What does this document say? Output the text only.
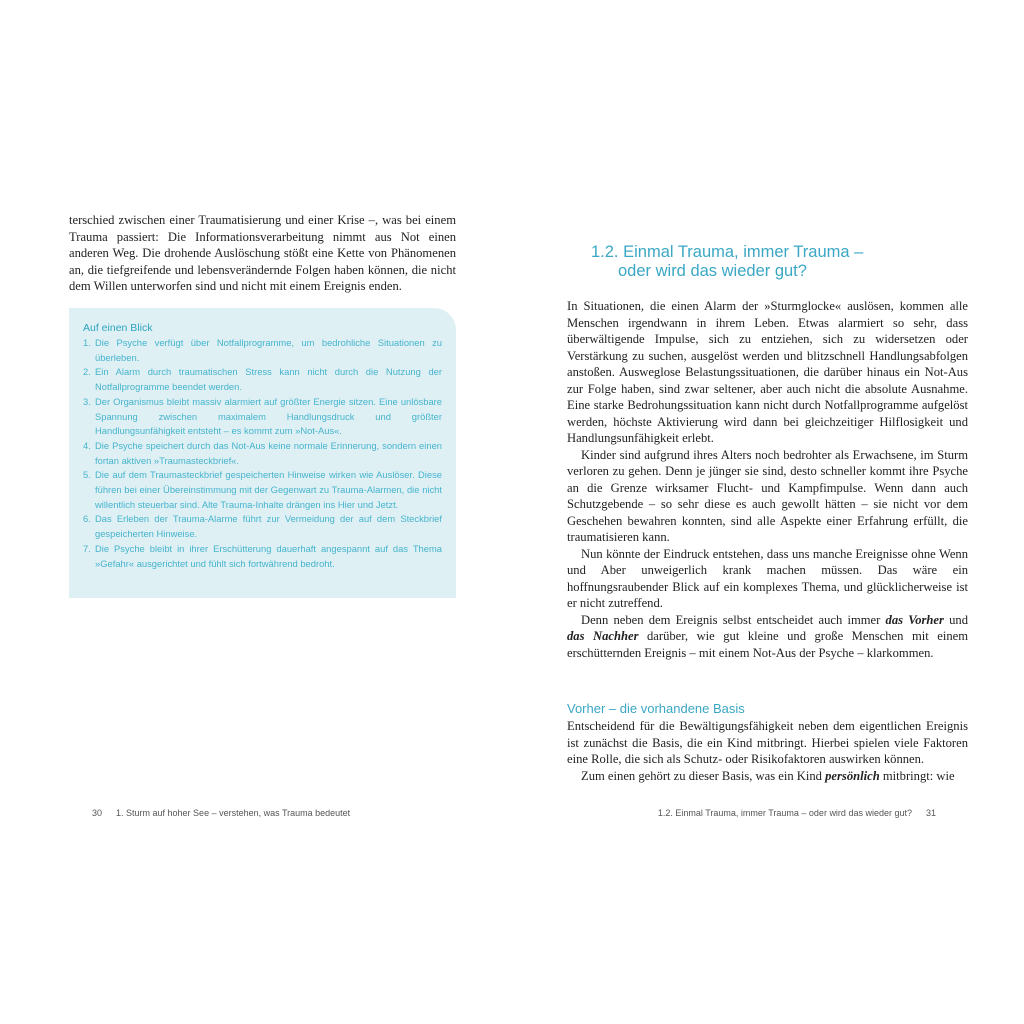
terschied zwischen einer Traumatisierung und einer Krise –, was bei einem Trauma passiert: Die Informationsverarbeitung nimmt aus Not einen anderen Weg. Die drohende Auslöschung stößt eine Kette von Phänomenen an, die tiefgreifende und lebensverändernde Folgen haben können, die nicht dem Willen unterworfen sind und nicht mit einem Ereignis enden.

Auf einen Blick

1. Die Psyche verfügt über Notfallprogramme, um bedrohliche Situationen zu überleben.
2. Ein Alarm durch traumatischen Stress kann nicht durch die Nutzung der Notfallprogramme beendet werden.
3. Der Organismus bleibt massiv alarmiert auf größter Energie sitzen. Eine unlösbare Spannung zwischen maximalem Handlungsdruck und größter Handlungsunfähigkeit entsteht – es kommt zum »Not-Aus«.
4. Die Psyche speichert durch das Not-Aus keine normale Erinnerung, sondern einen fortan aktiven »Traumasteckbrief«.
5. Die auf dem Traumasteckbrief gespeicherten Hinweise wirken wie Auslöser. Diese führen bei einer Übereinstimmung mit der Gegenwart zu Trauma-Alarmen, die nicht willentlich steuerbar sind. Alte Trauma-Inhalte drängen ins Hier und Jetzt.
6. Das Erleben der Trauma-Alarme führt zur Vermeidung der auf dem Steckbrief gespeicherten Hinweise.
7. Die Psyche bleibt in ihrer Erschütterung dauerhaft angespannt auf das Thema »Gefahr« ausgerichtet und fühlt sich fortwährend bedroht.
30 1. Sturm auf hoher See – verstehen, was Trauma bedeutet
1.2. Einmal Trauma, immer Trauma –
oder wird das wieder gut?

In Situationen, die einen Alarm der »Sturmglocke« auslösen, kommen alle Menschen irgendwann in ihrem Leben. Etwas alarmiert so sehr, dass überwältigende Impulse, sich zu entziehen, sich zu widersetzen oder Verstärkung zu suchen, ausgelöst werden und blitzschnell Handlungsabfolgen anstoßen. Ausweglose Belastungssituationen, die darüber hinaus ein Not-Aus zur Folge haben, sind zwar seltener, aber auch nicht die absolute Ausnahme. Eine starke Bedrohungssituation kann nicht durch Notfallprogramme aufgelöst werden, höchste Aktivierung wird dann bei gleichzeitiger Hilflosigkeit und Handlungsunfähigkeit erlebt.

Kinder sind aufgrund ihres Alters noch bedrohter als Erwachsene, im Sturm verloren zu gehen. Denn je jünger sie sind, desto schneller kommt ihre Psyche an die Grenze wirksamer Flucht- und Kampfimpulse. Wenn dann auch Schutzgebende – so sehr diese es auch gewollt hätten – sie nicht vor dem Geschehen bewahren konnten, sind alle Aspekte einer Erfahrung erfüllt, die traumatisieren kann.

Nun könnte der Eindruck entstehen, dass uns manche Ereignisse ohne Wenn und Aber unweigerlich krank machen müssen. Das wäre ein hoffnungsraubender Blick auf ein komplexes Thema, und glücklicherweise ist er nicht zutreffend.

Denn neben dem Ereignis selbst entscheidet auch immer das Vorher und das Nachher darüber, wie gut kleine und große Menschen mit einem erschütternden Ereignis – mit einem Not-Aus der Psyche – klarkommen.

Vorher – die vorhandene Basis

Entscheidend für die Bewältigungsfähigkeit neben dem eigentlichen Ereignis ist zunächst die Basis, die ein Kind mitbringt. Hierbei spielen viele Faktoren eine Rolle, die sich als Schutz- oder Risikofaktoren auswirken können.

Zum einen gehört zu dieser Basis, was ein Kind persönlich mitbringt: wie

1.2. Einmal Trauma, immer Trauma – oder wird das wieder gut? 31
